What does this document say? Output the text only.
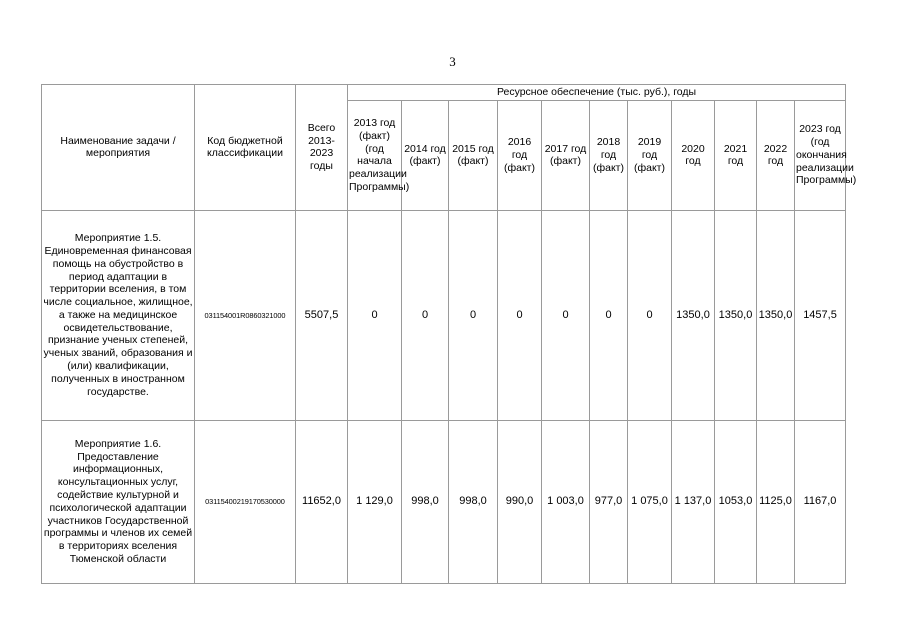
3
Наименование задачи / мероприятия	Код бюджетной классификации	Всего 2013-2023 годы	Ресурсное обеспечение (тыс. руб.), годы										
			2013 год (факт) (год начала реализации Программы)	2014 год (факт)	2015 год (факт)	2016 год (факт)	2017 год (факт)	2018 год (факт)	2019 год (факт)	2020 год	2021 год	2022 год	2023 год (год окончания реализации Программы)
Мероприятие 1.5. Единовременная финансовая помощь на обустройство в период адаптации в территории вселения, в том числе социальное, жилищное, а также на медицинское освидетельствование, признание ученых степеней, ученых званий, образования и (или) квалификации, полученных в иностранном государстве.	031154001R0860321000	5507,5	0	0	0	0	0	0	0	1350,0	1350,0	1350,0	1457,5
Мероприятие 1.6. Предоставление информационных, консультационных услуг, содействие культурной и психологической адаптации участников Государственной программы и членов их семей в территориях вселения Тюменской области	03115400219170530000	11652,0	1 129,0	998,0	998,0	990,0	1 003,0	977,0	1 075,0	1 137,0	1053,0	1125,0	1167,0
